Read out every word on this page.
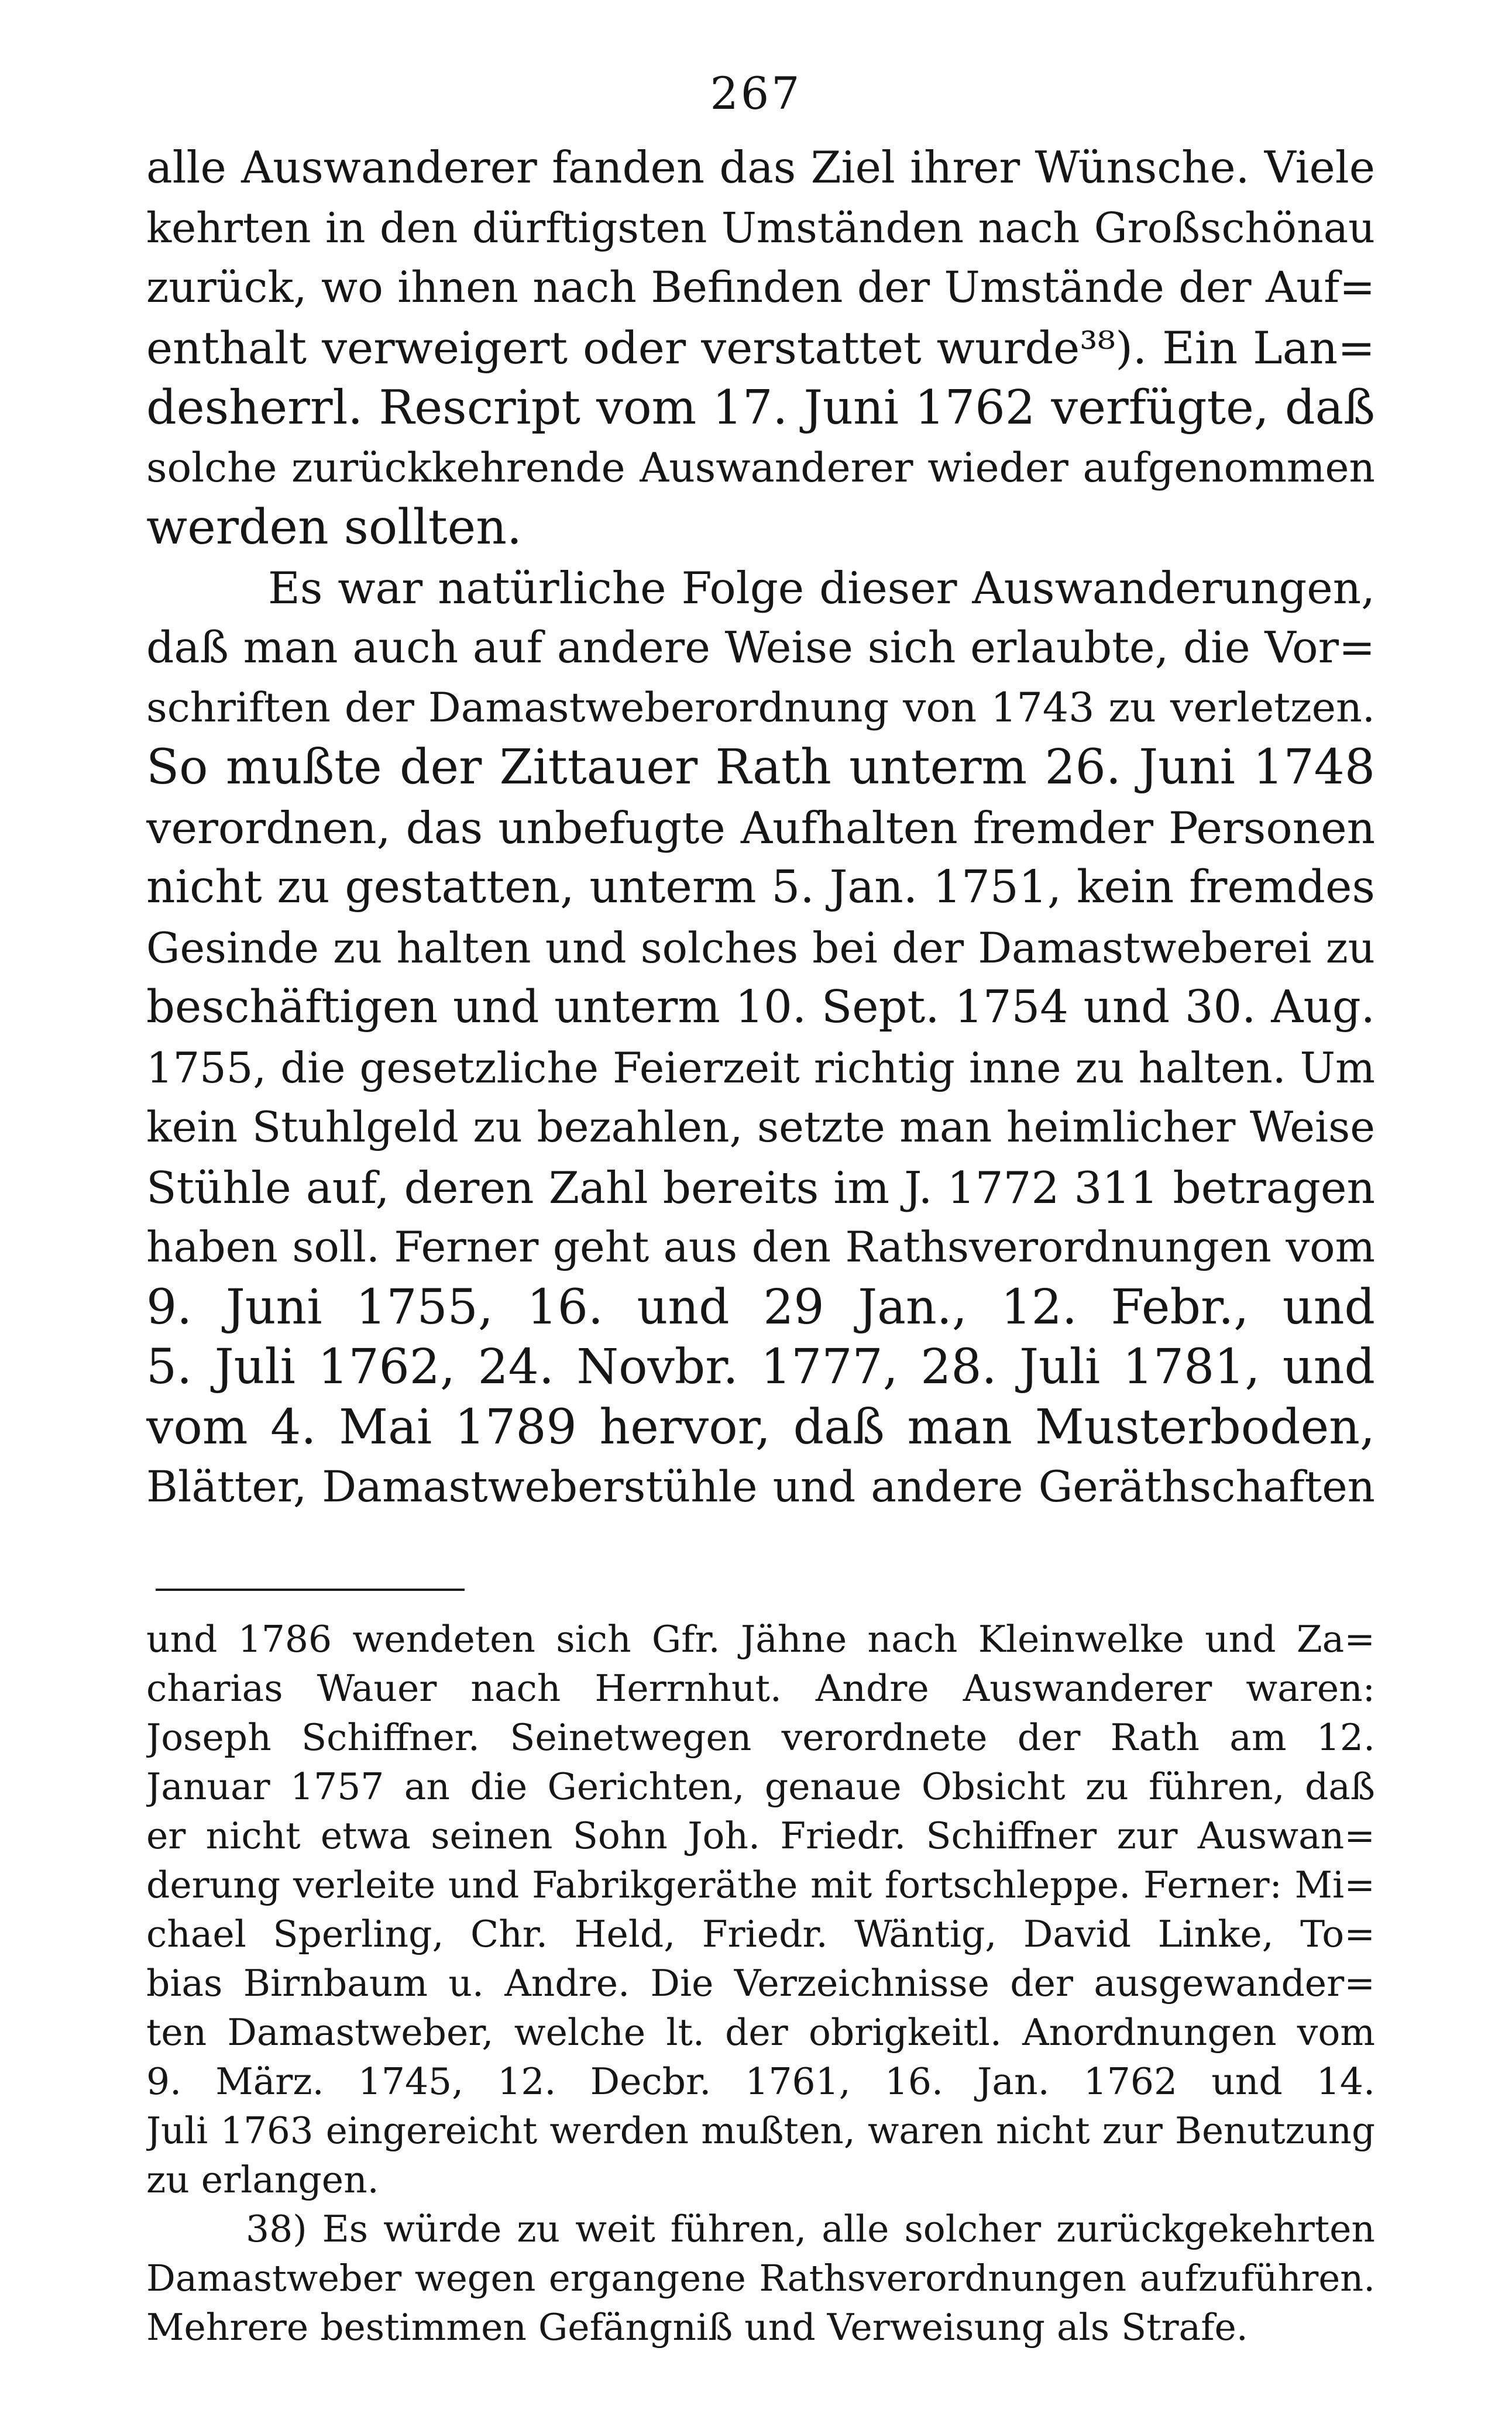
267
alle Auswanderer fanden das Ziel ihrer Wünsche. Viele
kehrten in den dürftigsten Umständen nach Großschönau
zurück, wo ihnen nach Befinden der Umstände der Auf=
enthalt verweigert oder verstattet wurde³⁸). Ein Lan=
desherrl. Rescript vom 17. Juni 1762 verfügte, daß
solche zurückkehrende Auswanderer wieder aufgenommen
werden sollten.
Es war natürliche Folge dieser Auswanderungen,
daß man auch auf andere Weise sich erlaubte, die Vor=
schriften der Damastweberordnung von 1743 zu verletzen.
So mußte der Zittauer Rath unterm 26. Juni 1748
verordnen, das unbefugte Aufhalten fremder Personen
nicht zu gestatten, unterm 5. Jan. 1751, kein fremdes
Gesinde zu halten und solches bei der Damastweberei zu
beschäftigen und unterm 10. Sept. 1754 und 30. Aug.
1755, die gesetzliche Feierzeit richtig inne zu halten. Um
kein Stuhlgeld zu bezahlen, setzte man heimlicher Weise
Stühle auf, deren Zahl bereits im J. 1772 311 betragen
haben soll. Ferner geht aus den Rathsverordnungen vom
9. Juni 1755, 16. und 29 Jan., 12. Febr., und
5. Juli 1762, 24. Novbr. 1777, 28. Juli 1781, und
vom 4. Mai 1789 hervor, daß man Musterboden,
Blätter, Damastweberstühle und andere Geräthschaften
und 1786 wendeten sich Gfr. Jähne nach Kleinwelke und Za=
charias Wauer nach Herrnhut. Andre Auswanderer waren:
Joseph Schiffner. Seinetwegen verordnete der Rath am 12.
Januar 1757 an die Gerichten, genaue Obsicht zu führen, daß
er nicht etwa seinen Sohn Joh. Friedr. Schiffner zur Auswan=
derung verleite und Fabrikgeräthe mit fortschleppe. Ferner: Mi=
chael Sperling, Chr. Held, Friedr. Wäntig, David Linke, To=
bias Birnbaum u. Andre. Die Verzeichnisse der ausgewander=
ten Damastweber, welche lt. der obrigkeitl. Anordnungen vom
9. März. 1745, 12. Decbr. 1761, 16. Jan. 1762 und 14.
Juli 1763 eingereicht werden mußten, waren nicht zur Benutzung
zu erlangen.
38) Es würde zu weit führen, alle solcher zurückgekehrten
Damastweber wegen ergangene Rathsverordnungen aufzuführen.
Mehrere bestimmen Gefängniß und Verweisung als Strafe.
